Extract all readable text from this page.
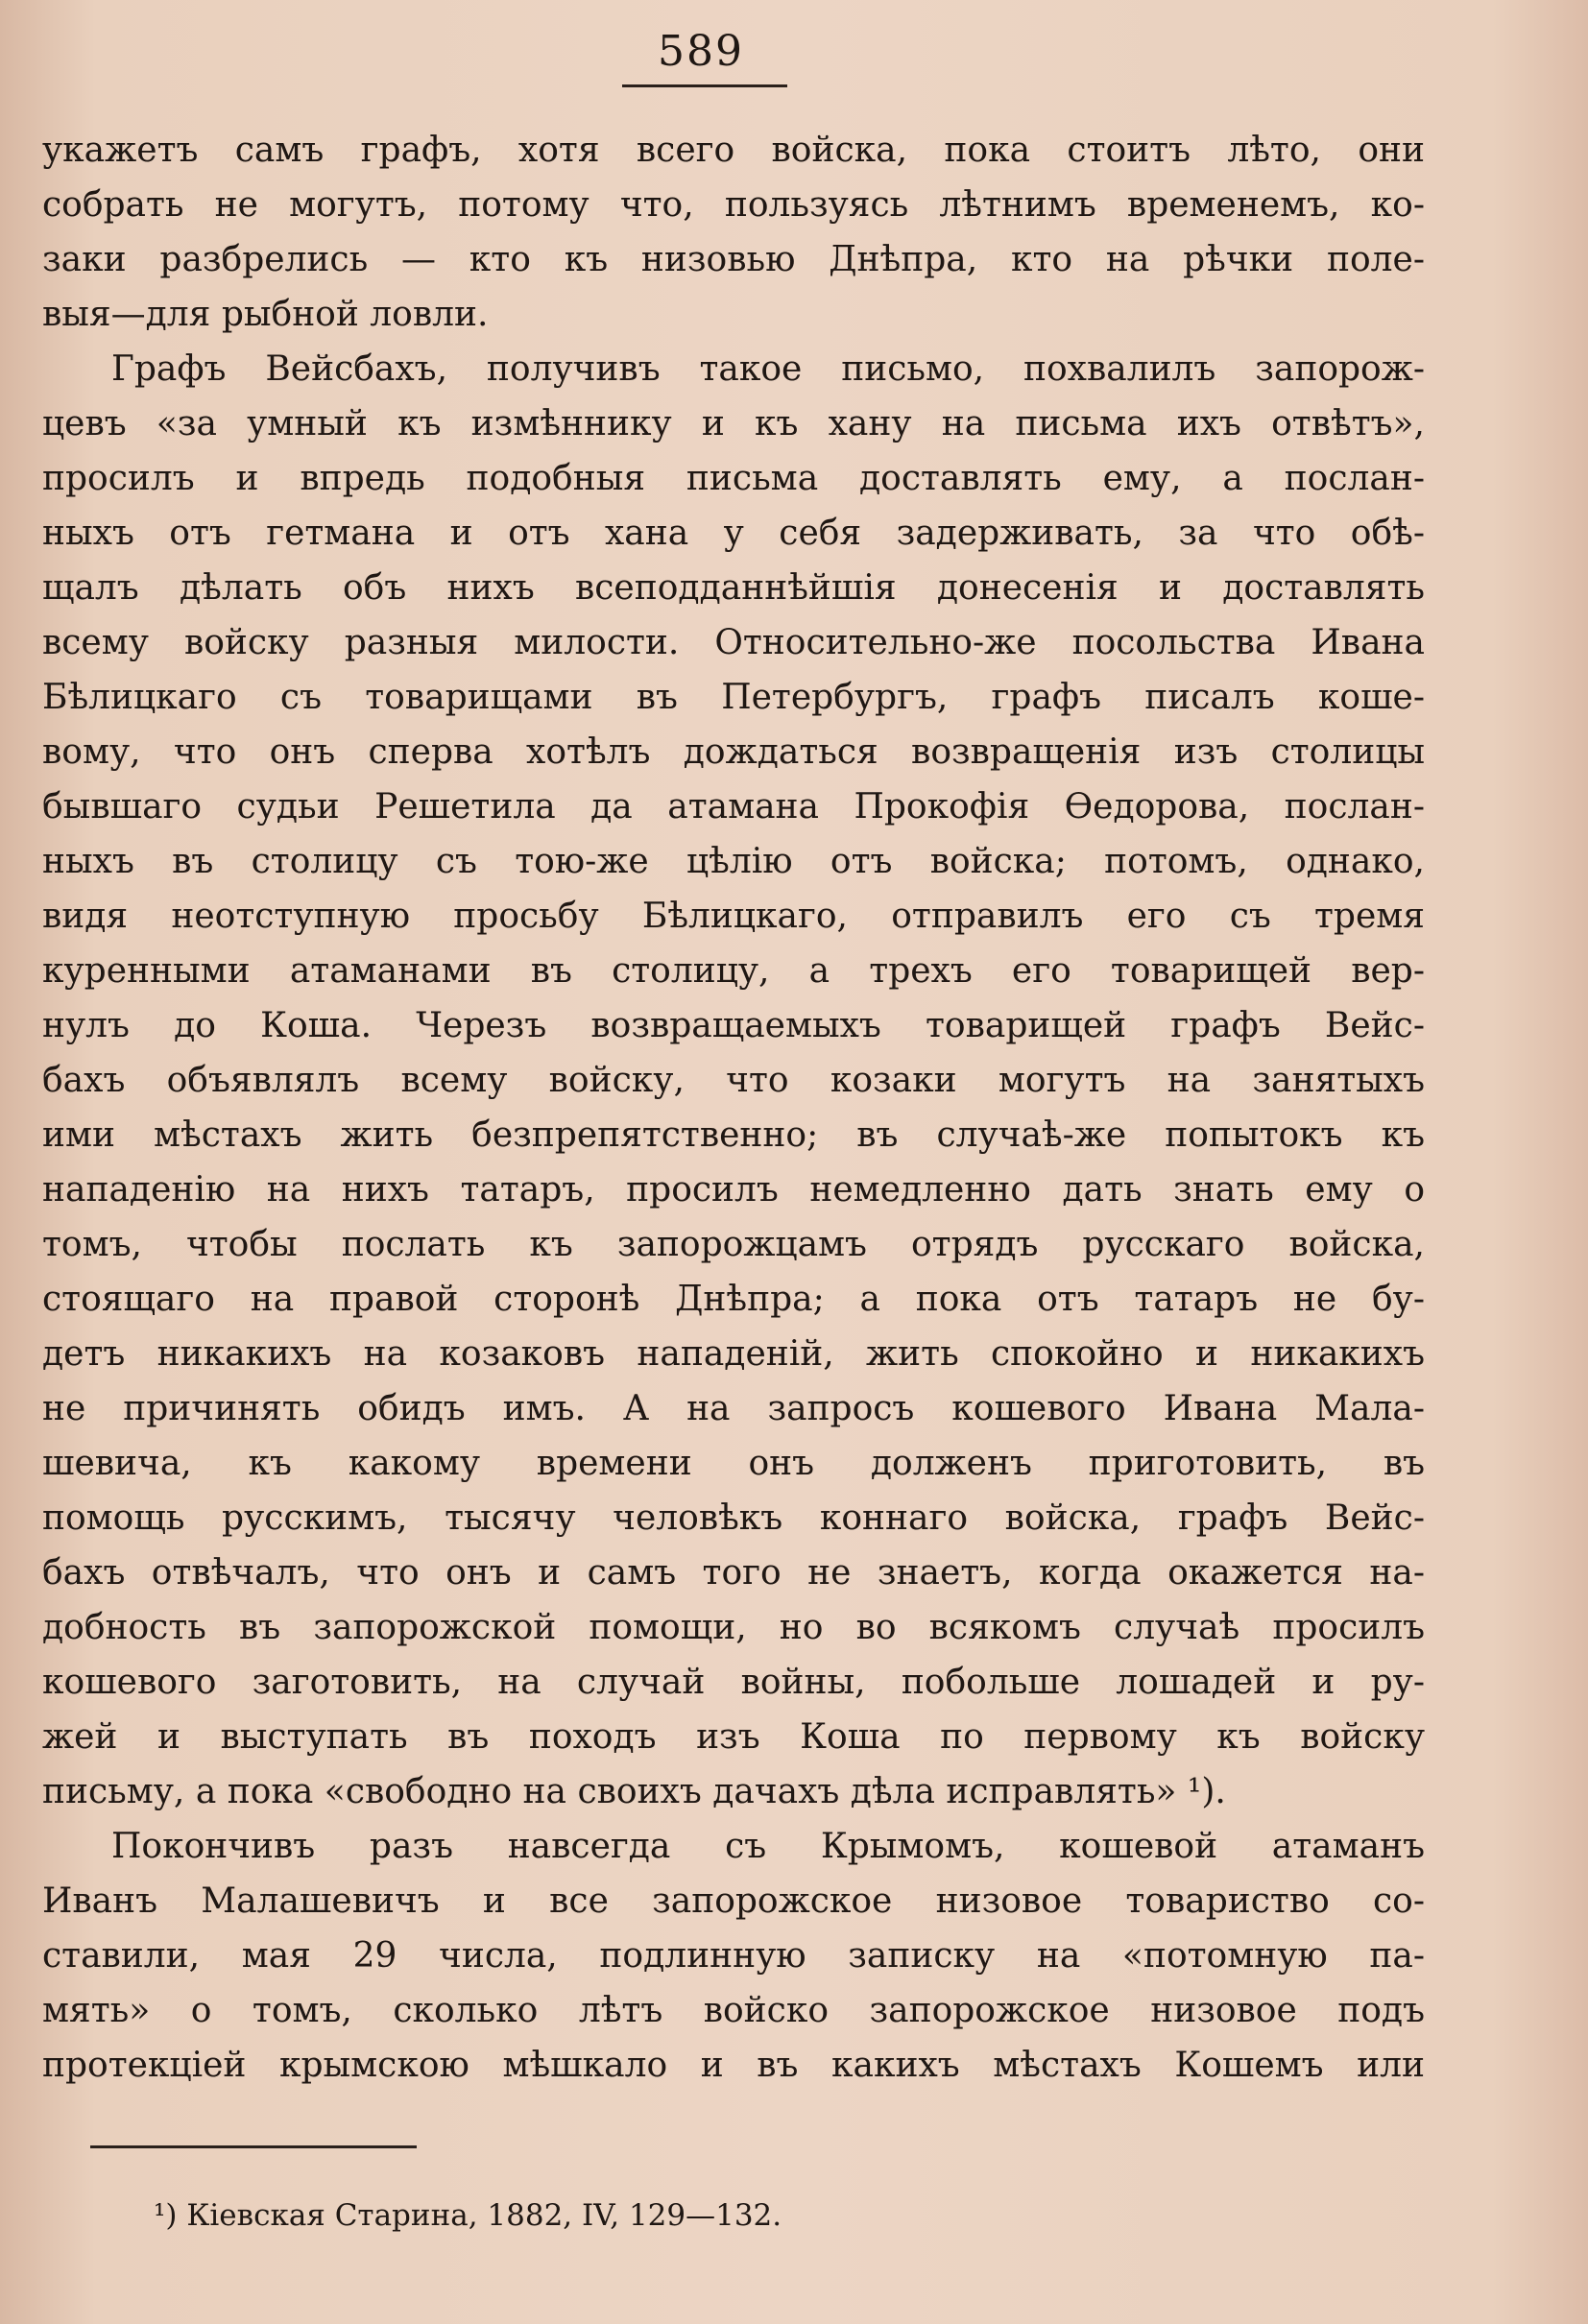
589
укажетъ самъ графъ, хотя всего войска, пока стоитъ лѣто, они
собрать не могутъ, потому что, пользуясь лѣтнимъ временемъ, ко-
заки разбрелись — кто къ низовью Днѣпра, кто на рѣчки поле-
выя—для рыбной ловли.
Графъ Вейсбахъ, получивъ такое письмо, похвалилъ запорож-
цевъ «за умный къ измѣннику и къ хану на письма ихъ отвѣтъ»,
просилъ и впредь подобныя письма доставлять ему, а послан-
ныхъ отъ гетмана и отъ хана у себя задерживать, за что обѣ-
щалъ дѣлать объ нихъ всеподданнѣйшія донесенія и доставлять
всему войску разныя милости. Относительно-же посольства Ивана
Бѣлицкаго съ товарищами въ Петербургъ, графъ писалъ коше-
вому, что онъ сперва хотѣлъ дождаться возвращенія изъ столицы
бывшаго судьи Решетила да атамана Прокофія Өедорова, послан-
ныхъ въ столицу съ тою-же цѣлію отъ войска; потомъ, однако,
видя неотступную просьбу Бѣлицкаго, отправилъ его съ тремя
куренными атаманами въ столицу, а трехъ его товарищей вер-
нулъ до Коша. Черезъ возвращаемыхъ товарищей графъ Вейс-
бахъ объявлялъ всему войску, что козаки могутъ на занятыхъ
ими мѣстахъ жить безпрепятственно; въ случаѣ-же попытокъ къ
нападенію на нихъ татаръ, просилъ немедленно дать знать ему о
томъ, чтобы послать къ запорожцамъ отрядъ русскаго войска,
стоящаго на правой сторонѣ Днѣпра; а пока отъ татаръ не бу-
детъ никакихъ на козаковъ нападеній, жить спокойно и никакихъ
не причинять обидъ имъ. А на запросъ кошевого Ивана Мала-
шевича, къ какому времени онъ долженъ приготовить, въ
помощь русскимъ, тысячу человѣкъ коннаго войска, графъ Вейс-
бахъ отвѣчалъ, что онъ и самъ того не знаетъ, когда окажется на-
добность въ запорожской помощи, но во всякомъ случаѣ просилъ
кошевого заготовить, на случай войны, побольше лошадей и ру-
жей и выступать въ походъ изъ Коша по первому къ войску
письму, а пока «свободно на своихъ дачахъ дѣла исправлять» ¹).
Покончивъ разъ навсегда съ Крымомъ, кошевой атаманъ
Иванъ Малашевичъ и все запорожское низовое товариство со-
ставили, мая 29 числа, подлинную записку на «потомную па-
мять» о томъ, сколько лѣтъ войско запорожское низовое подъ
протекціей крымскою мѣшкало и въ какихъ мѣстахъ Кошемъ или
¹) Кіевская Старина, 1882, IV, 129—132.
